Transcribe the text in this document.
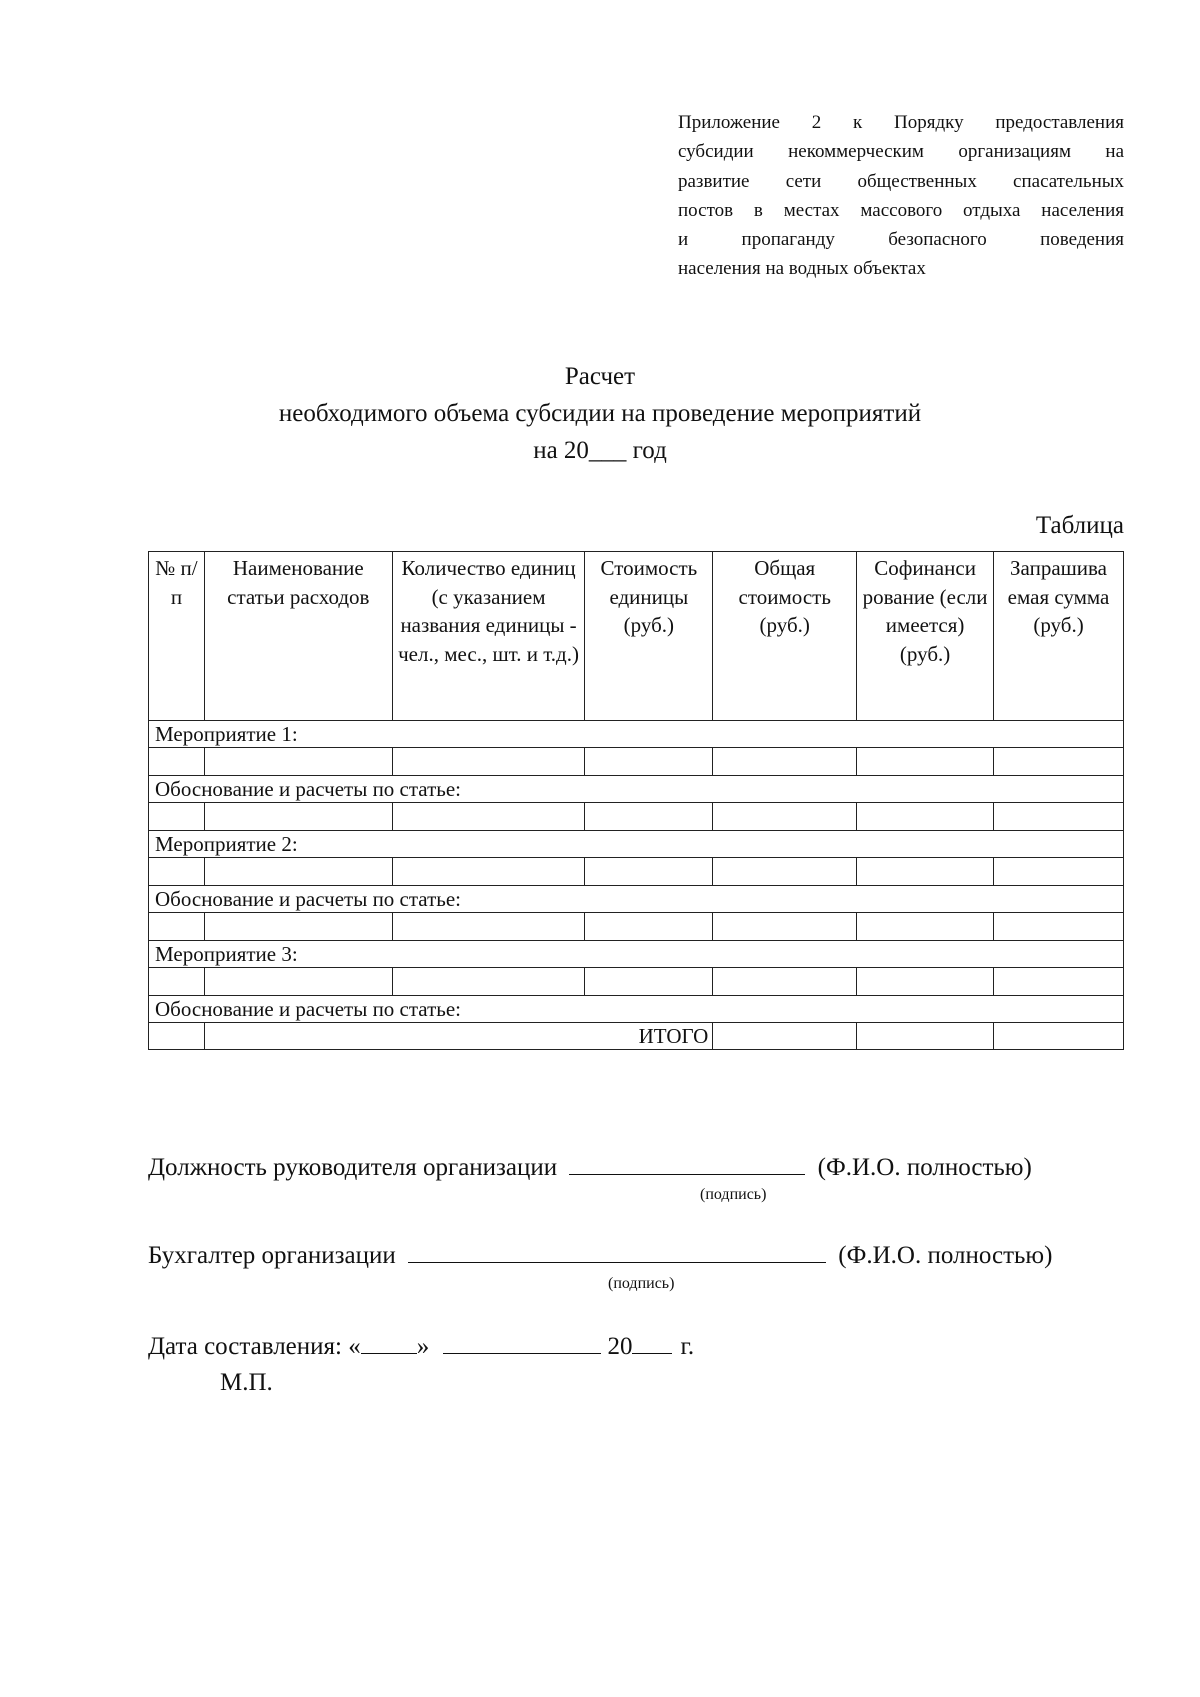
Приложение 2 к Порядку предоставления
субсидии некоммерческим организациям на
развитие сети общественных спасательных
постов в местах массового отдыха населения
и пропаганду безопасного поведения
населения на водных объектах
Расчет
необходимого объема субсидии на проведение мероприятий
на 20___ год
Таблица
№ п/п	Наименование статьи расходов	Количество единиц (с указанием названия единицы - чел., мес., шт. и т.д.)	Стоимость единицы (руб.)	Общая стоимость (руб.)	Софинанси рование (если имеется) (руб.)	Запрашива емая сумма (руб.)
Мероприятие 1:						

Обоснование и расчеты по статье:						

Мероприятие 2:						

Обоснование и расчеты по статье:						

Мероприятие 3:						

Обоснование и расчеты по статье:						
	ИТОГО					
Должность руководителя организации	(Ф.И.О. полностью)
(подпись)
Бухгалтер организации	(Ф.И.О. полностью)
(подпись)
Дата составления: « »	20 г.
М.П.
